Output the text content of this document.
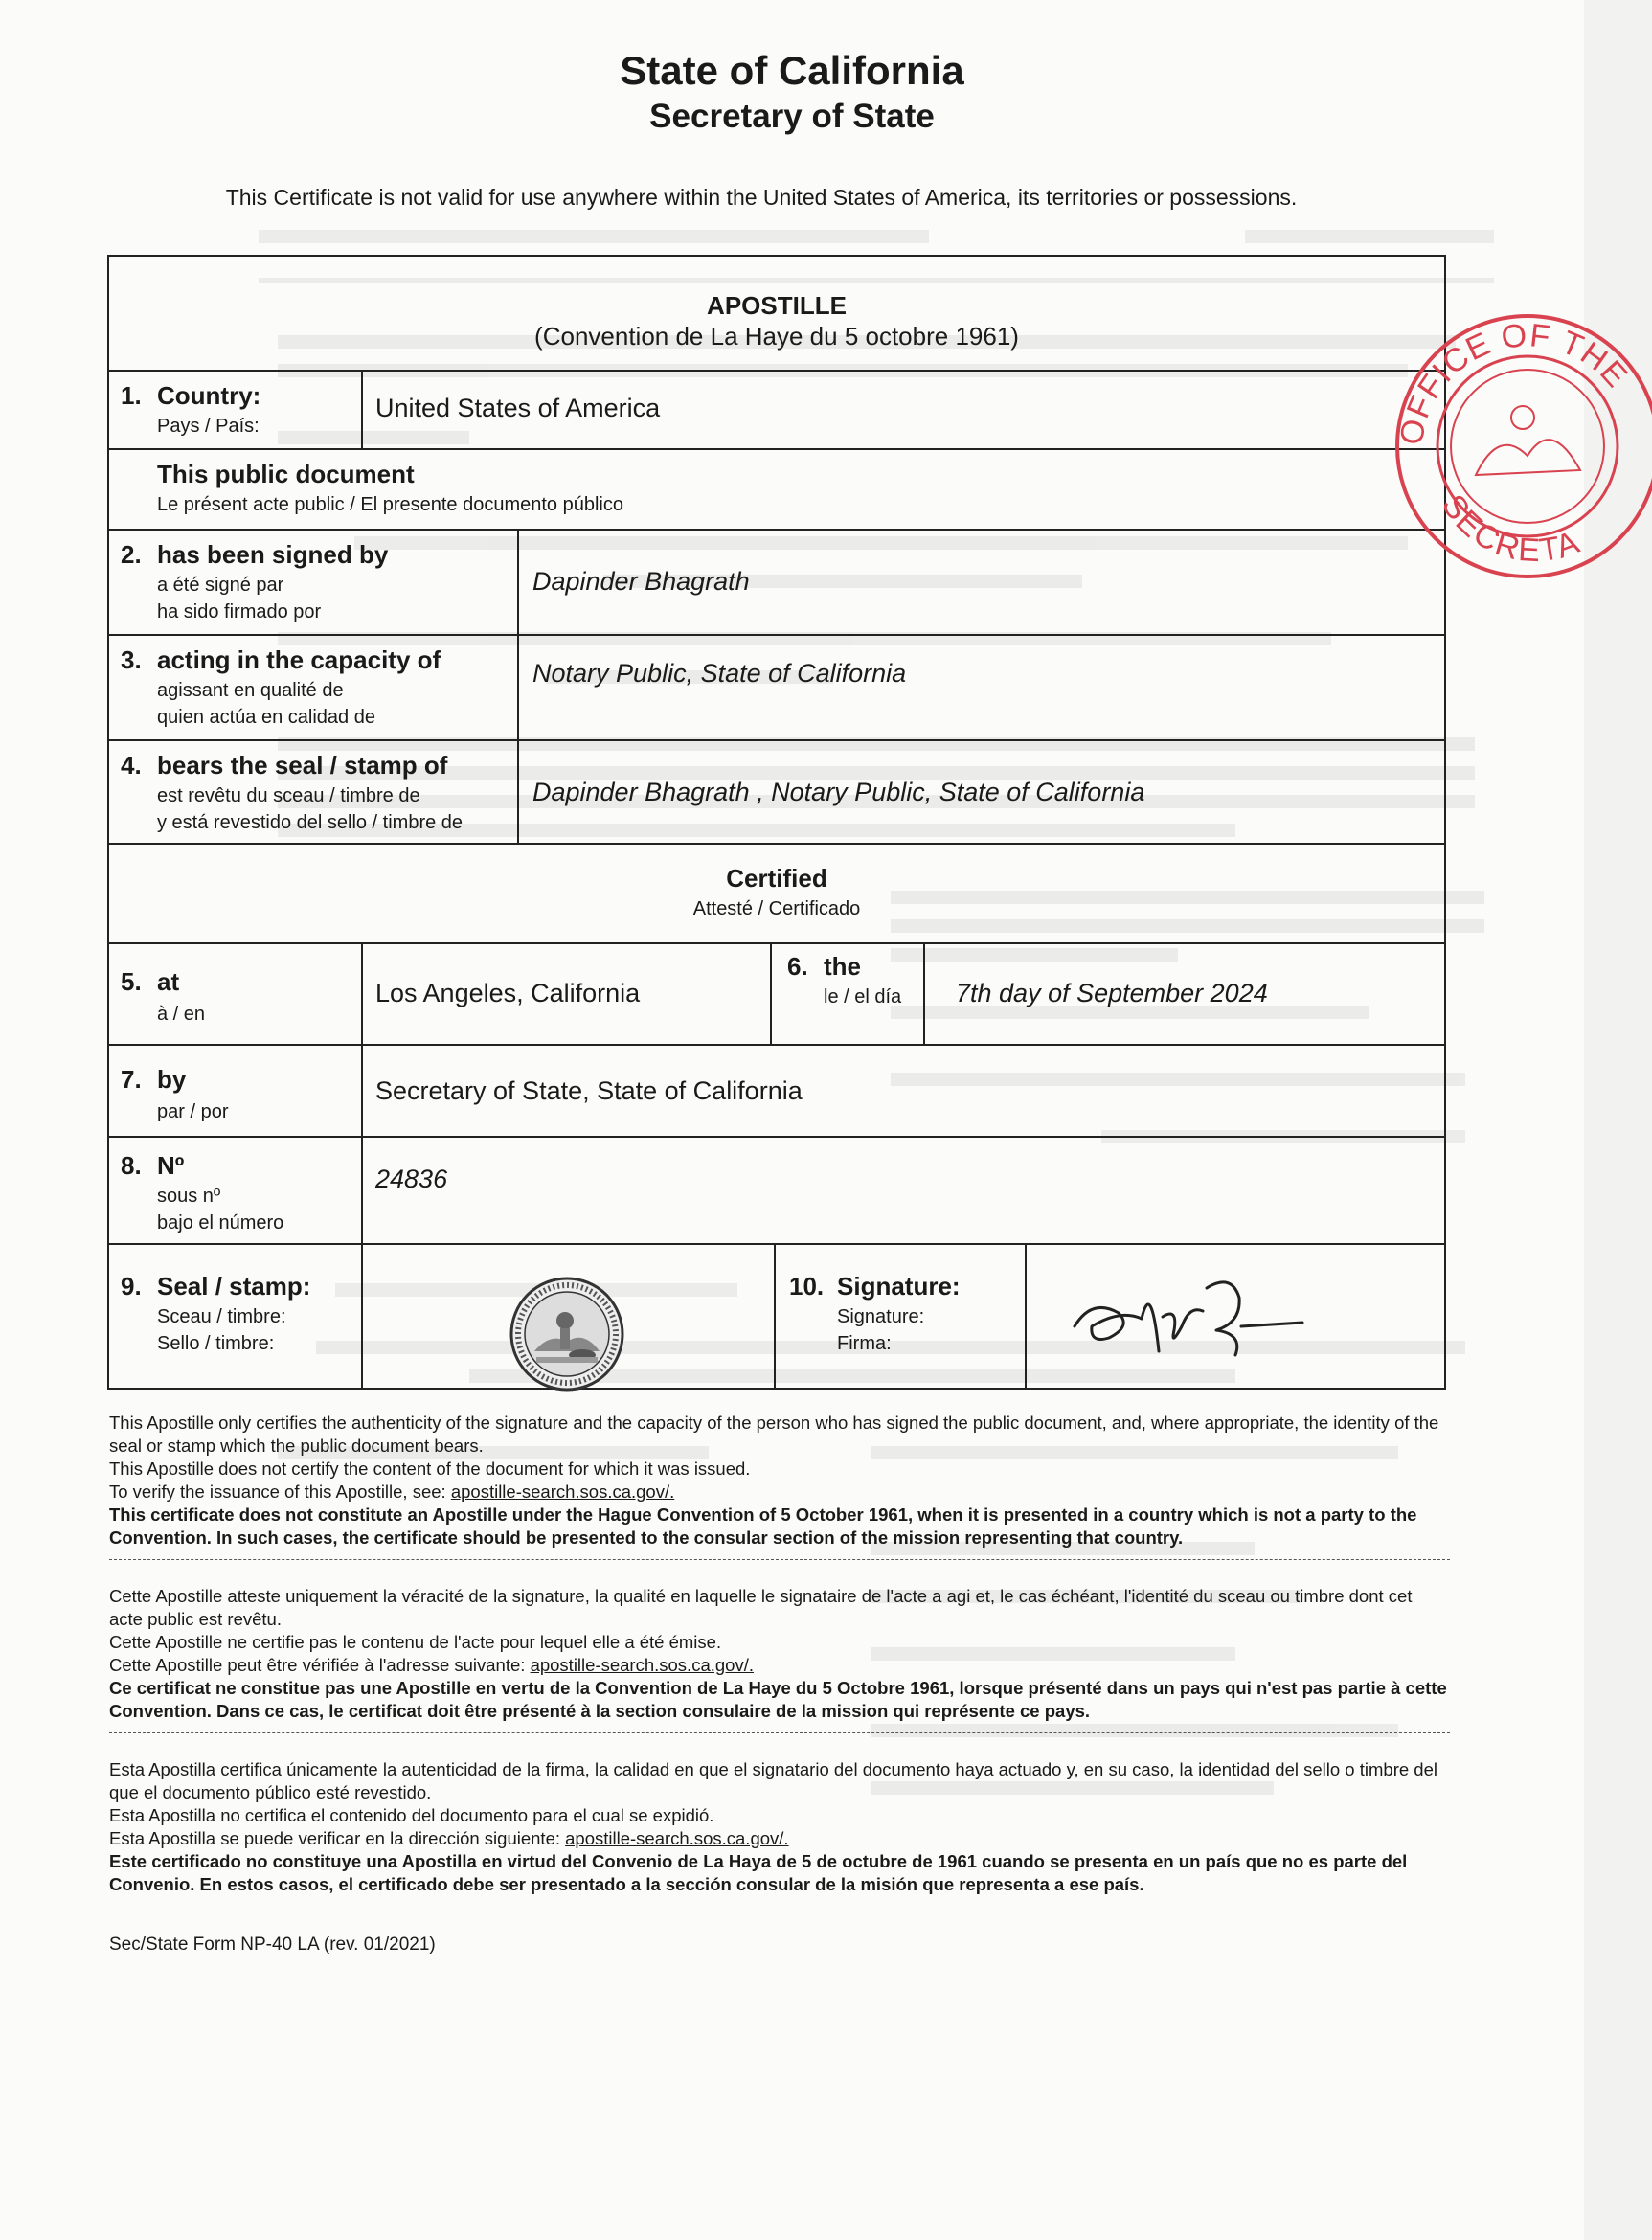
State of California
Secretary of State
This Certificate is not valid for use anywhere within the United States of America, its territories or possessions.
APOSTILLE
(Convention de La Haye du 5 octobre 1961)
1. Country:
Pays / País:
United States of America
This public document
Le présent acte public / El presente documento público
2. has been signed by
a été signé par
ha sido firmado por
Dapinder Bhagrath
3. acting in the capacity of
agissant en qualité de
quien actúa en calidad de
Notary Public, State of California
4. bears the seal / stamp of
est revêtu du sceau / timbre de
y está revestido del sello / timbre de
Dapinder Bhagrath , Notary Public, State of California
Certified
Attesté / Certificado
5. at
à / en
Los Angeles, California
6. the
le / el día 7th day of September 2024
7. by
par / por
Secretary of State, State of California
8. Nº
sous nº
bajo el número
24836
9. Seal / stamp:
Sceau / timbre:
Sello / timbre:
10. Signature:
Signature:
Firma:
OFFICE OF THE
SECRETA

This Apostille only certifies the authenticity of the signature and the capacity of the person who has signed the public document, and, where appropriate, the identity of the seal or stamp which the public document bears.

This Apostille does not certify the content of the document for which it was issued.

To verify the issuance of this Apostille, see: apostille-search.sos.ca.gov/.

This certificate does not constitute an Apostille under the Hague Convention of 5 October 1961, when it is presented in a country which is not a party to the Convention. In such cases, the certificate should be presented to the consular section of the mission representing that country.

Cette Apostille atteste uniquement la véracité de la signature, la qualité en laquelle le signataire de l'acte a agi et, le cas échéant, l'identité du sceau ou timbre dont cet acte public est revêtu.

Cette Apostille ne certifie pas le contenu de l'acte pour lequel elle a été émise.

Cette Apostille peut être vérifiée à l'adresse suivante: apostille-search.sos.ca.gov/.

Ce certificat ne constitue pas une Apostille en vertu de la Convention de La Haye du 5 Octobre 1961, lorsque présenté dans un pays qui n'est pas partie à cette Convention. Dans ce cas, le certificat doit être présenté à la section consulaire de la mission qui représente ce pays.

Esta Apostilla certifica únicamente la autenticidad de la firma, la calidad en que el signatario del documento haya actuado y, en su caso, la identidad del sello o timbre del que el documento público esté revestido.

Esta Apostilla no certifica el contenido del documento para el cual se expidió.

Esta Apostilla se puede verificar en la dirección siguiente: apostille-search.sos.ca.gov/.

Este certificado no constituye una Apostilla en virtud del Convenio de La Haya de 5 de octubre de 1961 cuando se presenta en un país que no es parte del Convenio. En estos casos, el certificado debe ser presentado a la sección consular de la misión que representa a ese país.

Sec/State Form NP-40 LA (rev. 01/2021)
